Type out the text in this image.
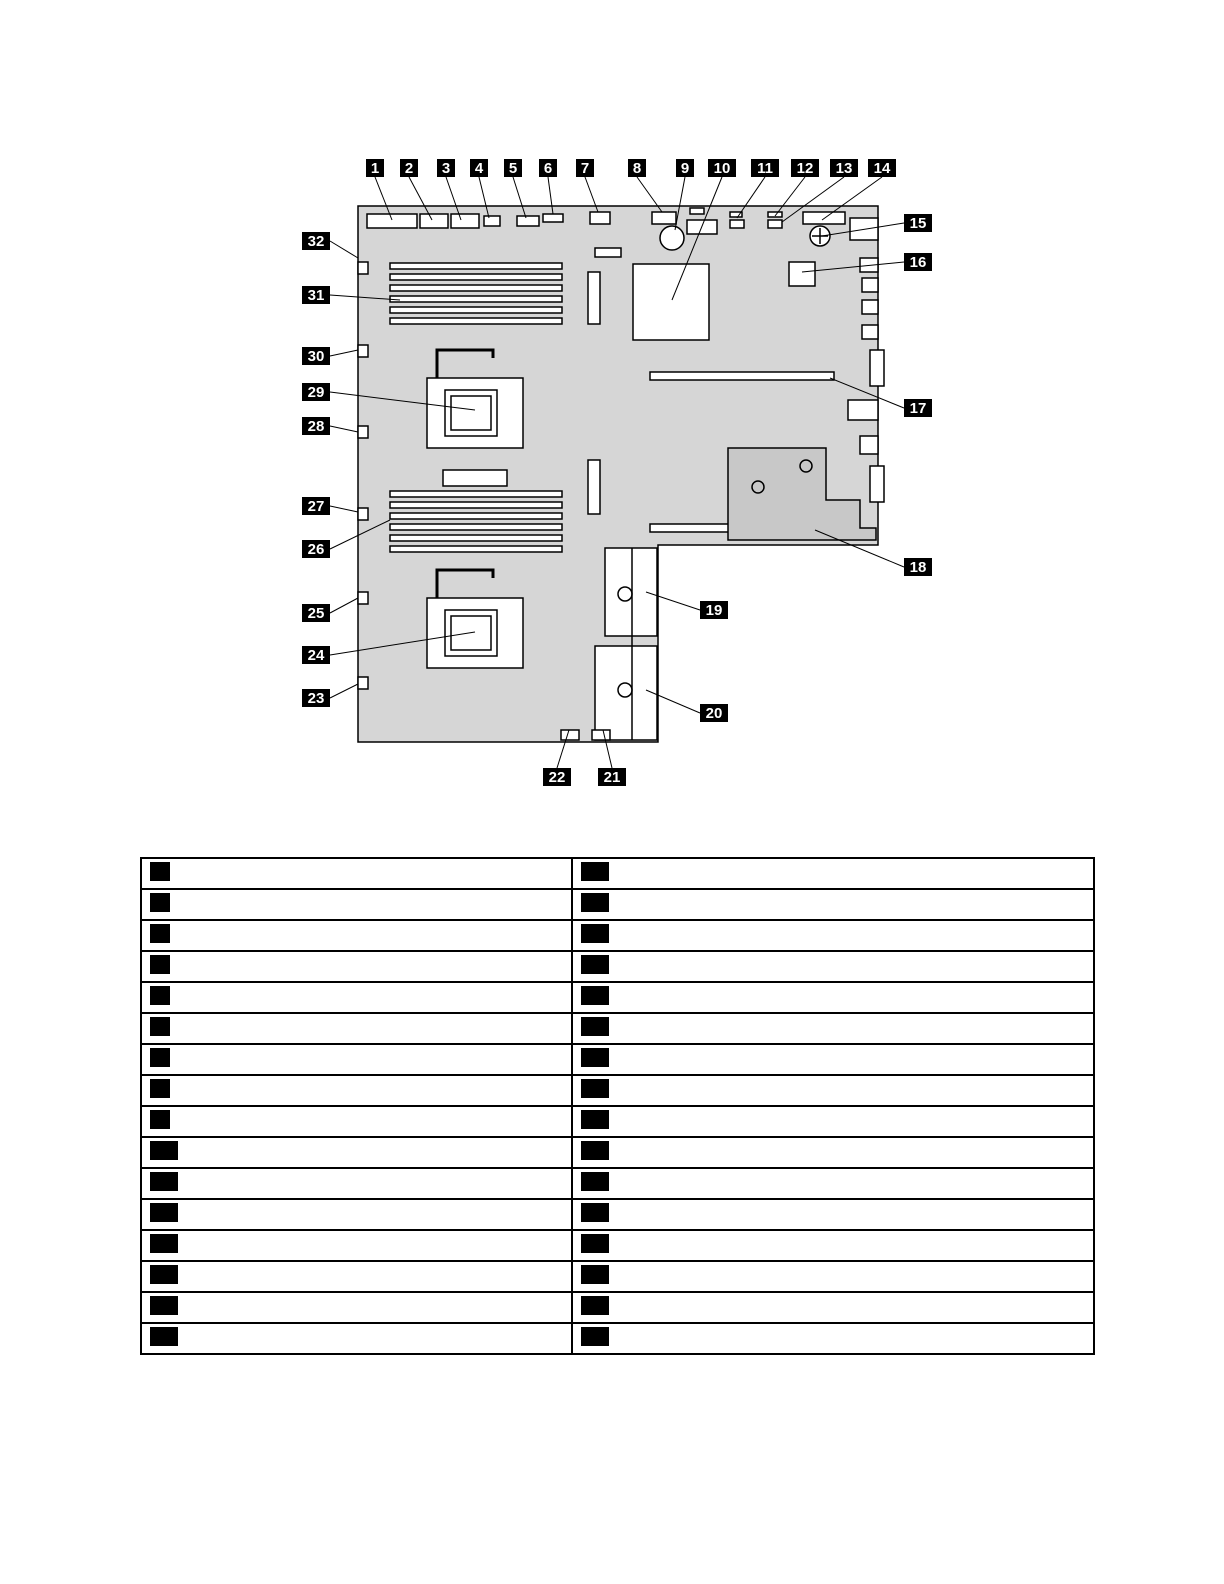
1 2 3 4 5 6 7	8	9 10 11 12 13 14
15
16
17
18
19
20
21
22
23
24
25
26
27
28
29
30
31
32
1	17
2	18
3	19
4	20
5	21
6	22
7	23
8	24
9	25
10	26
11	27
12	28
13	29
14	30
15	31
16	32
